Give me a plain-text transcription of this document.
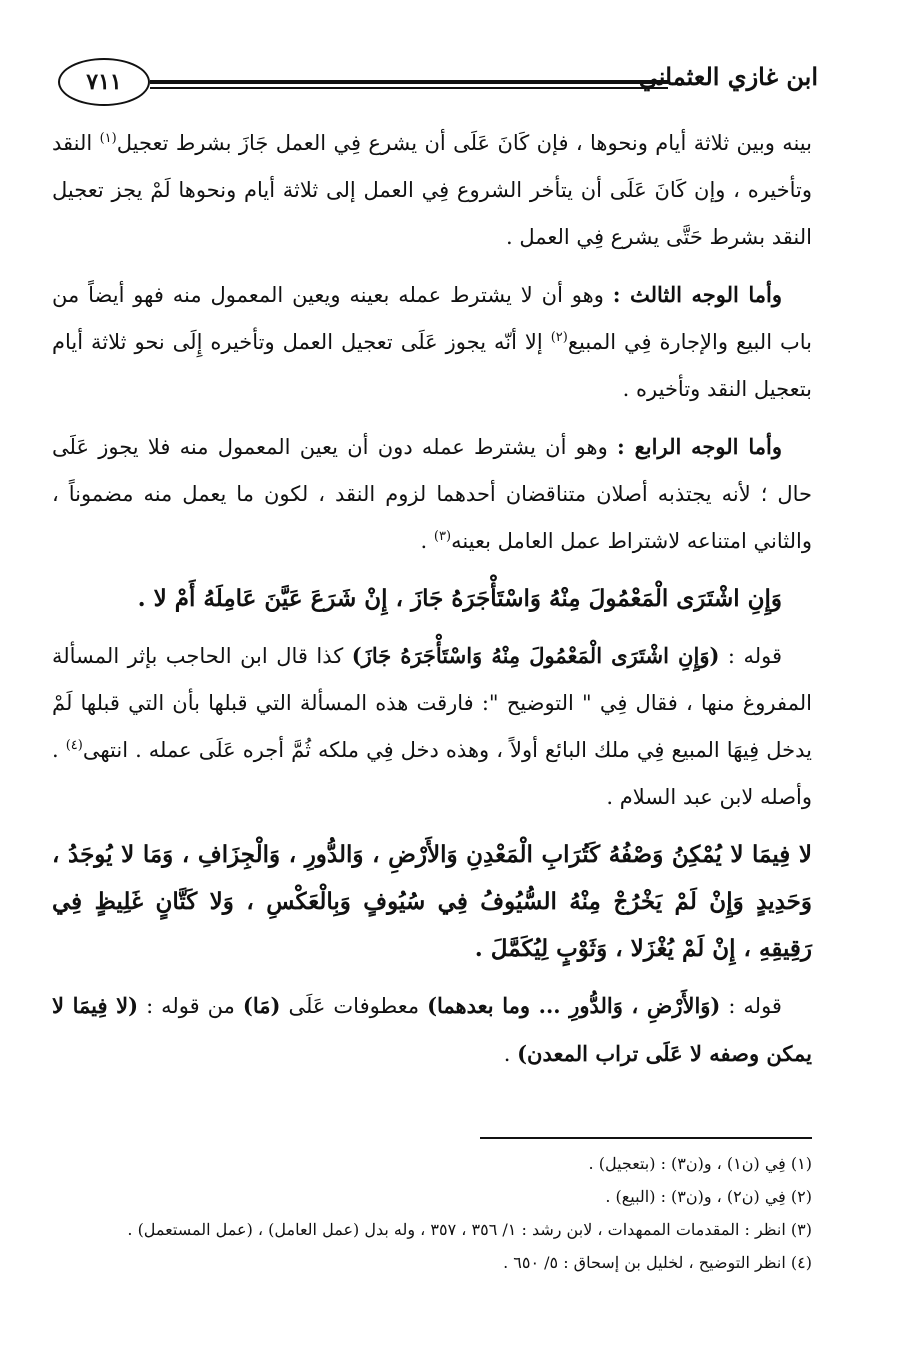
٧١١	ابن غازي العثماني

بينه وبين ثلاثة أيام ونحوها ، فإن كَانَ عَلَى أن يشرع فِي العمل جَازَ بشرط تعجيل$^{(١)}$ النقد وتأخيره ، وإن كَانَ عَلَى أن يتأخر الشروع فِي العمل إلى ثلاثة أيام ونحوها لَمْ يجز تعجيل النقد بشرط حَتَّى يشرع فِي العمل .

وأما الوجه الثالث : وهو أن لا يشترط عمله بعينه ويعين المعمول منه فهو أيضاً من باب البيع والإجارة فِي المبيع$^{(٢)}$ إلا أنّه يجوز عَلَى تعجيل العمل وتأخيره إِلَى نحو ثلاثة أيام بتعجيل النقد وتأخيره .

وأما الوجه الرابع : وهو أن يشترط عمله دون أن يعين المعمول منه فلا يجوز عَلَى حال ؛ لأنه يجتذبه أصلان متناقضان أحدهما لزوم النقد ، لكون ما يعمل منه مضموناً ، والثاني امتناعه لاشتراط عمل العامل بعينه$^{(٣)}$ .

وَإِنِ اشْتَرَى الْمَعْمُولَ مِنْهُ وَاسْتَأْجَرَهُ جَازَ ، إِنْ شَرَعَ عَيَّنَ عَامِلَهُ أَمْ لا .

قوله : (وَإِنِ اشْتَرَى الْمَعْمُولَ مِنْهُ وَاسْتَأْجَرَهُ جَازَ) كذا قال ابن الحاجب بإثر المسألة المفروغ منها ، فقال فِي " التوضيح ": فارقت هذه المسألة التي قبلها بأن التي قبلها لَمْ يدخل فِيهَا المبيع فِي ملك البائع أولاً ، وهذه دخل فِي ملكه ثُمَّ أجره عَلَى عمله . انتهى$^{(٤)}$ . وأصله لابن عبد السلام .

لا فِيمَا لا يُمْكِنُ وَصْفُهُ كَتُرَابِ الْمَعْدِنِ وَالأَرْضِ ، وَالدُّورِ ، وَالْجِزَافِ ، وَمَا لا يُوجَدُ ، وَحَدِيدٍ وَإِنْ لَمْ يَخْرُجْ مِنْهُ السُّيُوفُ فِي سُيُوفٍ وَبِالْعَكْسِ ، وَلا كَتَّانٍ غَلِيظٍ فِي رَقِيقِهِ ، إِنْ لَمْ يُغْزَلا ، وَثَوْبٍ لِيُكَمَّلَ .

قوله : (وَالأَرْضِ ، وَالدُّورِ ... وما بعدهما) معطوفات عَلَى (مَا) من قوله : (لا فِيمَا لا يمكن وصفه لا عَلَى تراب المعدن) .

(١) فِي (ن١) ، و(ن٣) : (بتعجيل) .

(٢) فِي (ن٢) ، و(ن٣) : (البيع) .

(٣) انظر : المقدمات الممهدات ، لابن رشد : ١/ ٣٥٦ ، ٣٥٧ ، وله بدل (عمل العامل) ، (عمل المستعمل) .

(٤) انظر التوضيح ، لخليل بن إسحاق : ٥/ ٦٥٠ .
